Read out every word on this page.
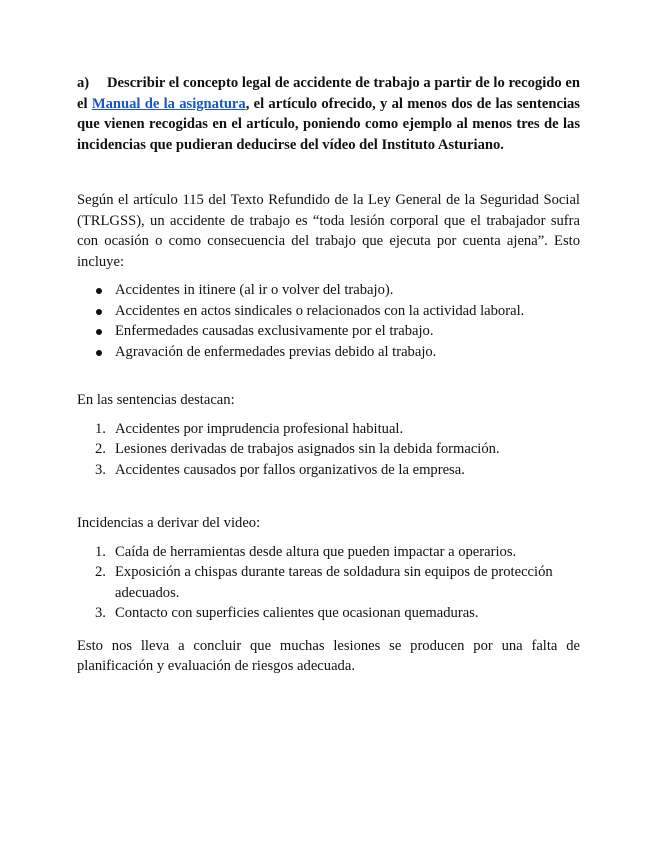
a) Describir el concepto legal de accidente de trabajo a partir de lo recogido en el Manual de la asignatura, el artículo ofrecido, y al menos dos de las sentencias que vienen recogidas en el artículo, poniendo como ejemplo al menos tres de las incidencias que pudieran deducirse del vídeo del Instituto Asturiano.

Según el artículo 115 del Texto Refundido de la Ley General de la Seguridad Social (TRLGSS), un accidente de trabajo es “toda lesión corporal que el trabajador sufra con ocasión o como consecuencia del trabajo que ejecuta por cuenta ajena”. Esto incluye:

Accidentes in itinere (al ir o volver del trabajo).
Accidentes en actos sindicales o relacionados con la actividad laboral.
Enfermedades causadas exclusivamente por el trabajo.
Agravación de enfermedades previas debido al trabajo.

En las sentencias destacan:

1. Accidentes por imprudencia profesional habitual.
2. Lesiones derivadas de trabajos asignados sin la debida formación.
3. Accidentes causados por fallos organizativos de la empresa.

Incidencias a derivar del video:

1. Caída de herramientas desde altura que pueden impactar a operarios.
2. Exposición a chispas durante tareas de soldadura sin equipos de protección adecuados.
3. Contacto con superficies calientes que ocasionan quemaduras.

Esto nos lleva a concluir que muchas lesiones se producen por una falta de planificación y evaluación de riesgos adecuada.
